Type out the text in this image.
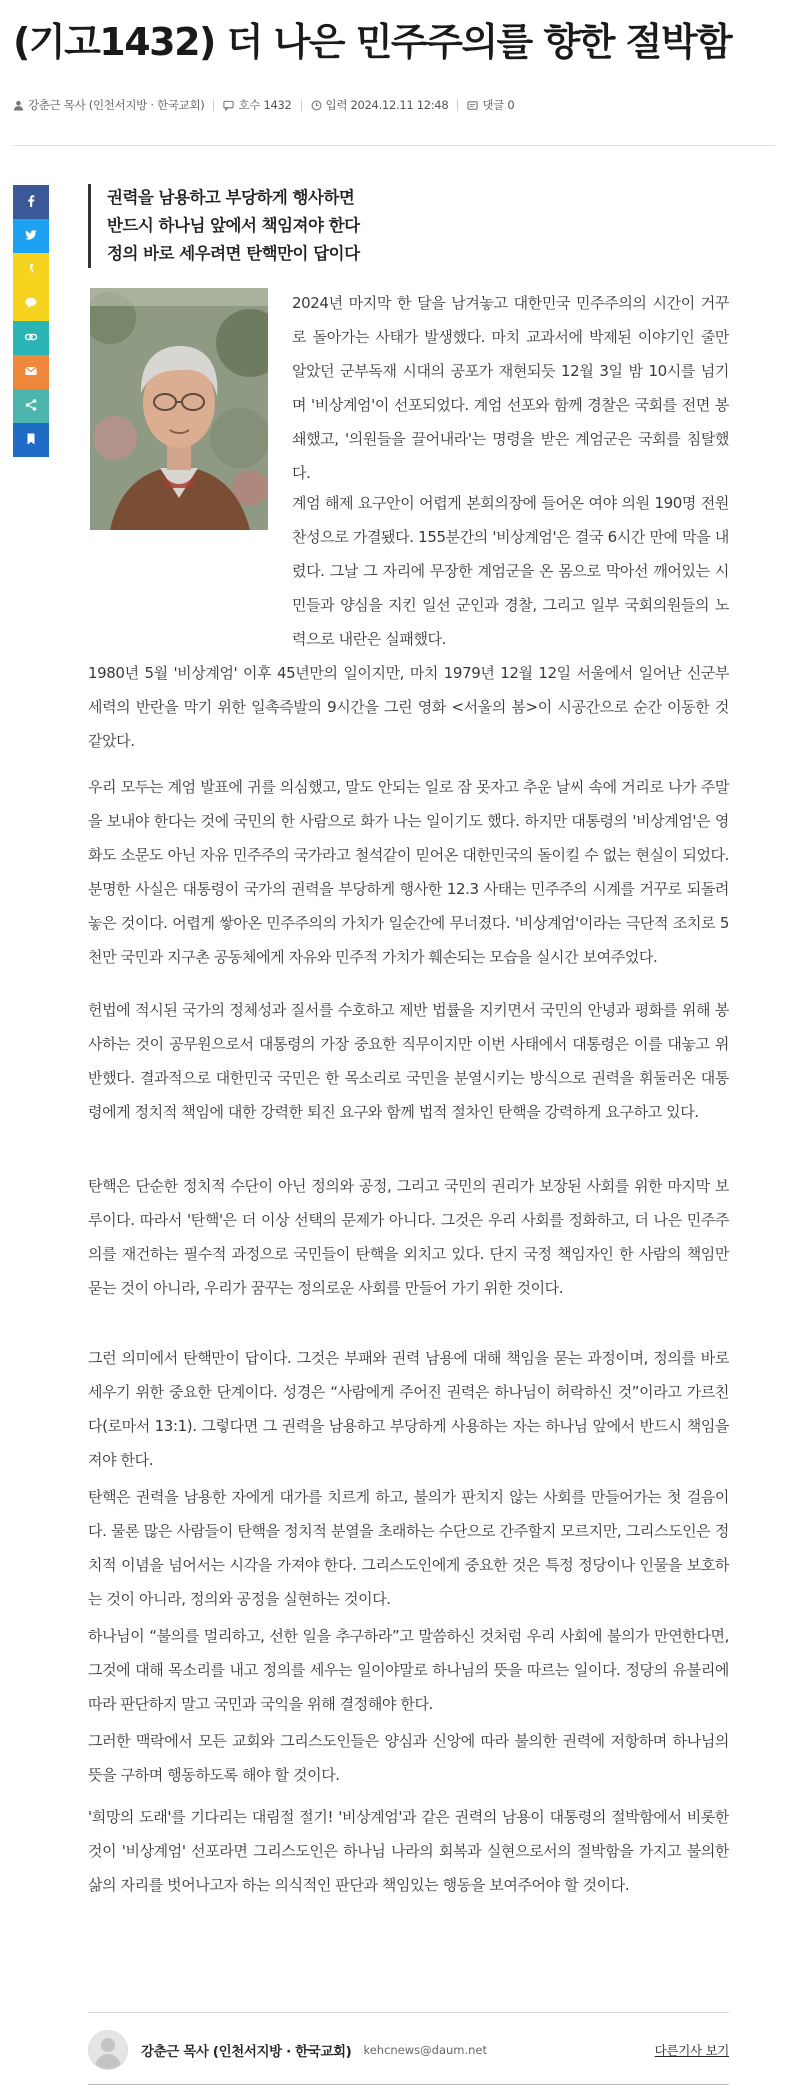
(기고1432) 더 나은 민주주의를 향한 절박함
강춘근 목사 (인천서지방 · 한국교회)	호수 1432	입력 2024.12.11 12:48	댓글 0
권력을 남용하고 부당하게 행사하면
반드시 하나님 앞에서 책임져야 한다
정의 바로 세우려면 탄핵만이 답이다

2024년 마지막 한 달을 남겨놓고 대한민국 민주주의의 시간이 거꾸로 돌아가는 사태가 발생했다. 마치 교과서에 박제된 이야기인 줄만 알았던 군부독재 시대의 공포가 재현되듯 12월 3일 밤 10시를 넘기며 '비상계엄'이 선포되었다. 계엄 선포와 함께 경찰은 국회를 전면 봉쇄했고, '의원들을 끌어내라'는 명령을 받은 계엄군은 국회를 침탈했다.

계엄 해제 요구안이 어렵게 본회의장에 들어온 여야 의원 190명 전원 찬성으로 가결됐다. 155분간의 '비상계엄'은 결국 6시간 만에 막을 내렸다. 그날 그 자리에 무장한 계엄군을 온 몸으로 막아선 깨어있는 시민들과 양심을 지킨 일선 군인과 경찰, 그리고 일부 국회의원들의 노력으로 내란은 실패했다.

1980년 5월 '비상계엄' 이후 45년만의 일이지만, 마치 1979년 12월 12일 서울에서 일어난 신군부 세력의 반란을 막기 위한 일촉즉발의 9시간을 그린 영화 <서울의 봄>이 시공간으로 순간 이동한 것 같았다.

우리 모두는 계엄 발표에 귀를 의심했고, 말도 안되는 일로 잠 못자고 추운 날씨 속에 거리로 나가 주말을 보내야 한다는 것에 국민의 한 사람으로 화가 나는 일이기도 했다. 하지만 대통령의 '비상계엄'은 영화도 소문도 아닌 자유 민주주의 국가라고 철석같이 믿어온 대한민국의 돌이킬 수 없는 현실이 되었다. 분명한 사실은 대통령이 국가의 권력을 부당하게 행사한 12.3 사태는 민주주의 시계를 거꾸로 되돌려 놓은 것이다. 어렵게 쌓아온 민주주의의 가치가 일순간에 무너졌다. '비상계엄'이라는 극단적 조치로 5천만 국민과 지구촌 공동체에게 자유와 민주적 가치가 훼손되는 모습을 실시간 보여주었다.

헌법에 적시된 국가의 정체성과 질서를 수호하고 제반 법률을 지키면서 국민의 안녕과 평화를 위해 봉사하는 것이 공무원으로서 대통령의 가장 중요한 직무이지만 이번 사태에서 대통령은 이를 대놓고 위반했다. 결과적으로 대한민국 국민은 한 목소리로 국민을 분열시키는 방식으로 권력을 휘둘러온 대통령에게 정치적 책임에 대한 강력한 퇴진 요구와 함께 법적 절차인 탄핵을 강력하게 요구하고 있다.

탄핵은 단순한 정치적 수단이 아닌 정의와 공정, 그리고 국민의 권리가 보장된 사회를 위한 마지막 보루이다. 따라서 '탄핵'은 더 이상 선택의 문제가 아니다. 그것은 우리 사회를 정화하고, 더 나은 민주주의를 재건하는 필수적 과정으로 국민들이 탄핵을 외치고 있다. 단지 국정 책임자인 한 사람의 책임만 묻는 것이 아니라, 우리가 꿈꾸는 정의로운 사회를 만들어 가기 위한 것이다.

그런 의미에서 탄핵만이 답이다. 그것은 부패와 권력 남용에 대해 책임을 묻는 과정이며, 정의를 바로 세우기 위한 중요한 단계이다. 성경은 “사람에게 주어진 권력은 하나님이 허락하신 것”이라고 가르친다(로마서 13:1). 그렇다면 그 권력을 남용하고 부당하게 사용하는 자는 하나님 앞에서 반드시 책임을 져야 한다.

탄핵은 권력을 남용한 자에게 대가를 치르게 하고, 불의가 판치지 않는 사회를 만들어가는 첫 걸음이다. 물론 많은 사람들이 탄핵을 정치적 분열을 초래하는 수단으로 간주할지 모르지만, 그리스도인은 정치적 이념을 넘어서는 시각을 가져야 한다. 그리스도인에게 중요한 것은 특정 정당이나 인물을 보호하는 것이 아니라, 정의와 공정을 실현하는 것이다.

하나님이 “불의를 멀리하고, 선한 일을 추구하라”고 말씀하신 것처럼 우리 사회에 불의가 만연한다면, 그것에 대해 목소리를 내고 정의를 세우는 일이야말로 하나님의 뜻을 따르는 일이다. 정당의 유불리에 따라 판단하지 말고 국민과 국익을 위해 결정해야 한다.

그러한 맥락에서 모든 교회와 그리스도인들은 양심과 신앙에 따라 불의한 권력에 저항하며 하나님의 뜻을 구하며 행동하도록 해야 할 것이다.

'희망의 도래'를 기다리는 대림절 절기! '비상계엄'과 같은 권력의 남용이 대통령의 절박함에서 비롯한 것이 '비상계엄' 선포라면 그리스도인은 하나님 나라의 회복과 실현으로서의 절박함을 가지고 불의한 삶의 자리를 벗어나고자 하는 의식적인 판단과 책임있는 행동을 보여주어야 할 것이다.

강춘근 목사 (인천서지방 · 한국교회) kehcnews@daum.net	다른기사 보기
